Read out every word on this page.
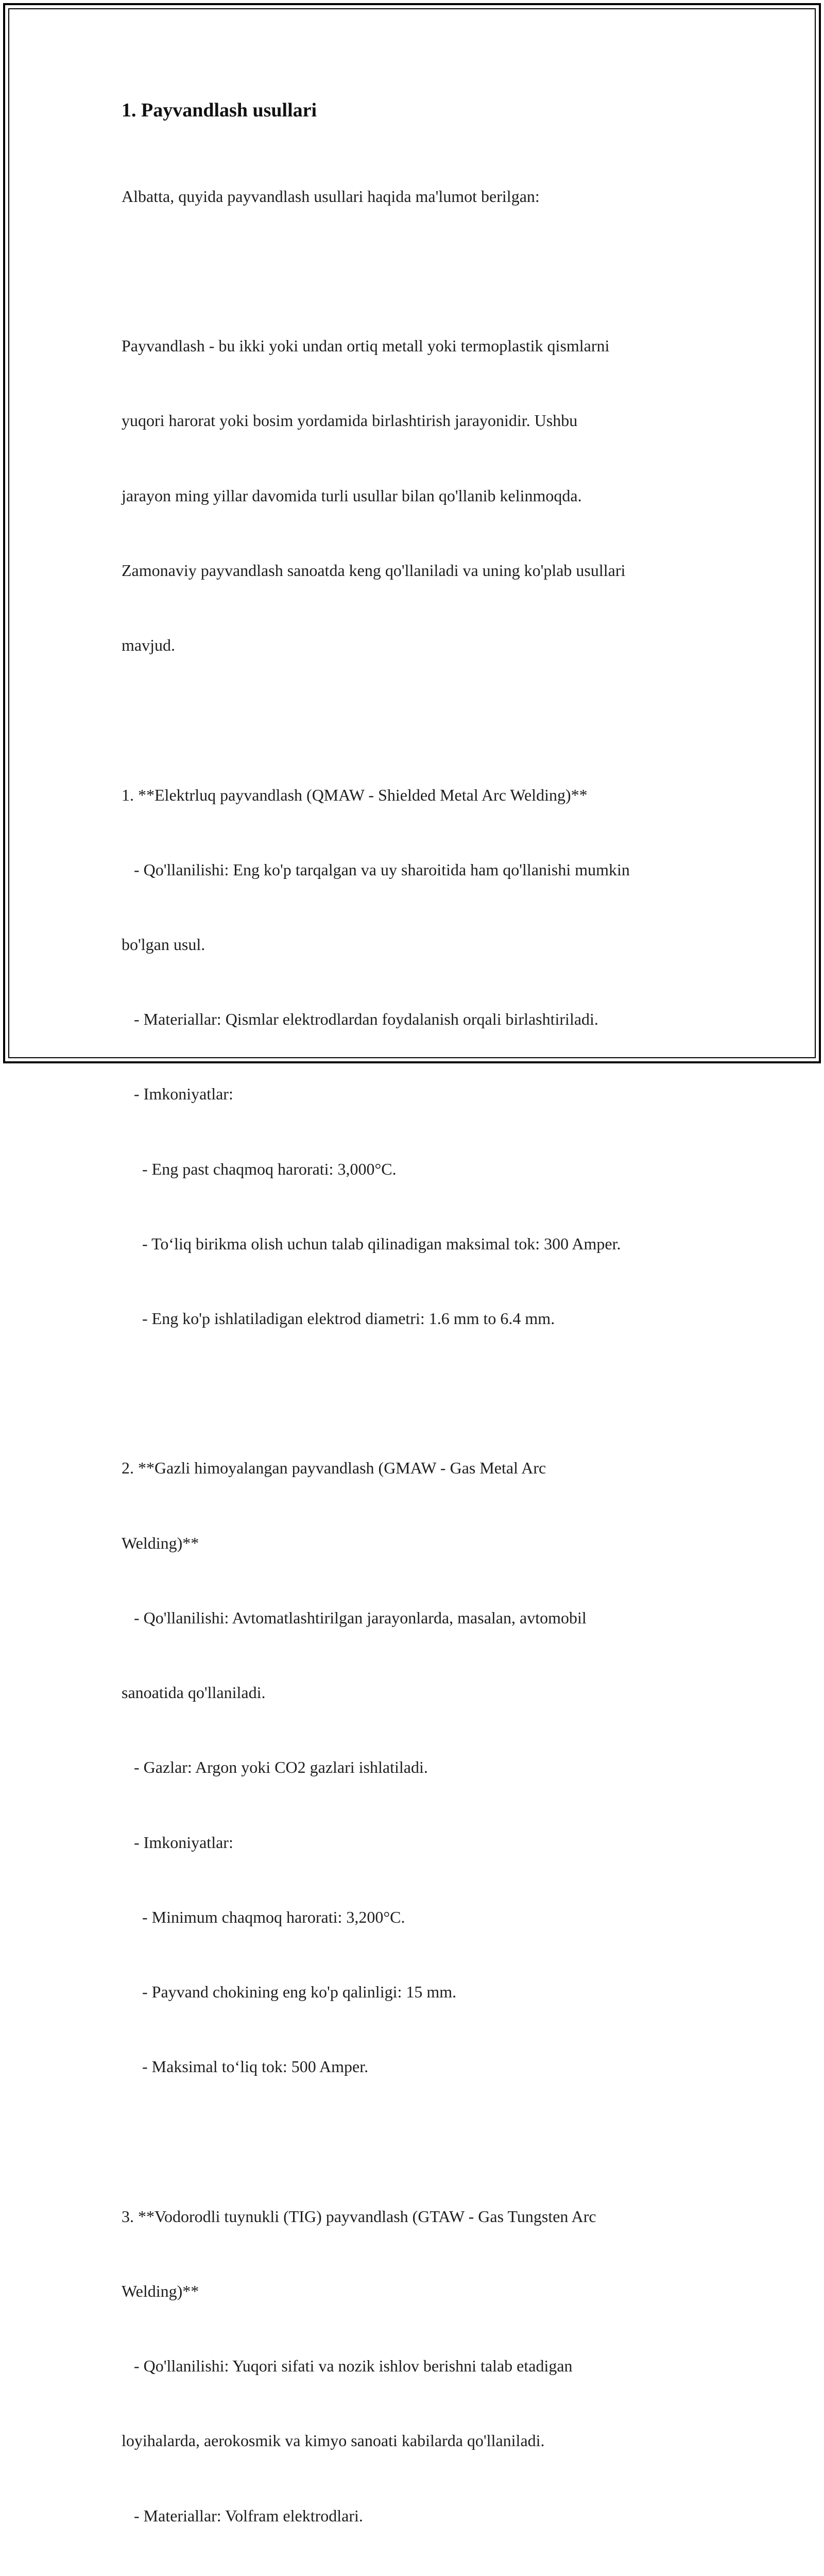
1. Payvandlash usullari

Albatta, quyida payvandlash usullari haqida ma'lumot berilgan:

Payvandlash - bu ikki yoki undan ortiq metall yoki termoplastik qismlarni

yuqori harorat yoki bosim yordamida birlashtirish jarayonidir. Ushbu

jarayon ming yillar davomida turli usullar bilan qo'llanib kelinmoqda.

Zamonaviy payvandlash sanoatda keng qo'llaniladi va uning ko'plab usullari

mavjud.

1. **Elektrluq payvandlash (QMAW - Shielded Metal Arc Welding)**

- Qo'llanilishi: Eng ko'p tarqalgan va uy sharoitida ham qo'llanishi mumkin

bo'lgan usul.

- Materiallar: Qismlar elektrodlardan foydalanish orqali birlashtiriladi.

- Imkoniyatlar:

- Eng past chaqmoq harorati: 3,000°C.

- To‘liq birikma olish uchun talab qilinadigan maksimal tok: 300 Amper.

- Eng ko'p ishlatiladigan elektrod diametri: 1.6 mm to 6.4 mm.

2. **Gazli himoyalangan payvandlash (GMAW - Gas Metal Arc

Welding)**

- Qo'llanilishi: Avtomatlashtirilgan jarayonlarda, masalan, avtomobil

sanoatida qo'llaniladi.

- Gazlar: Argon yoki CO2 gazlari ishlatiladi.

- Imkoniyatlar:

- Minimum chaqmoq harorati: 3,200°C.

- Payvand chokining eng ko'p qalinligi: 15 mm.

- Maksimal to‘liq tok: 500 Amper.

3. **Vodorodli tuynukli (TIG) payvandlash (GTAW - Gas Tungsten Arc

Welding)**

- Qo'llanilishi: Yuqori sifati va nozik ishlov berishni talab etadigan

loyihalarda, aerokosmik va kimyo sanoati kabilarda qo'llaniladi.

- Materiallar: Volfram elektrodlari.
